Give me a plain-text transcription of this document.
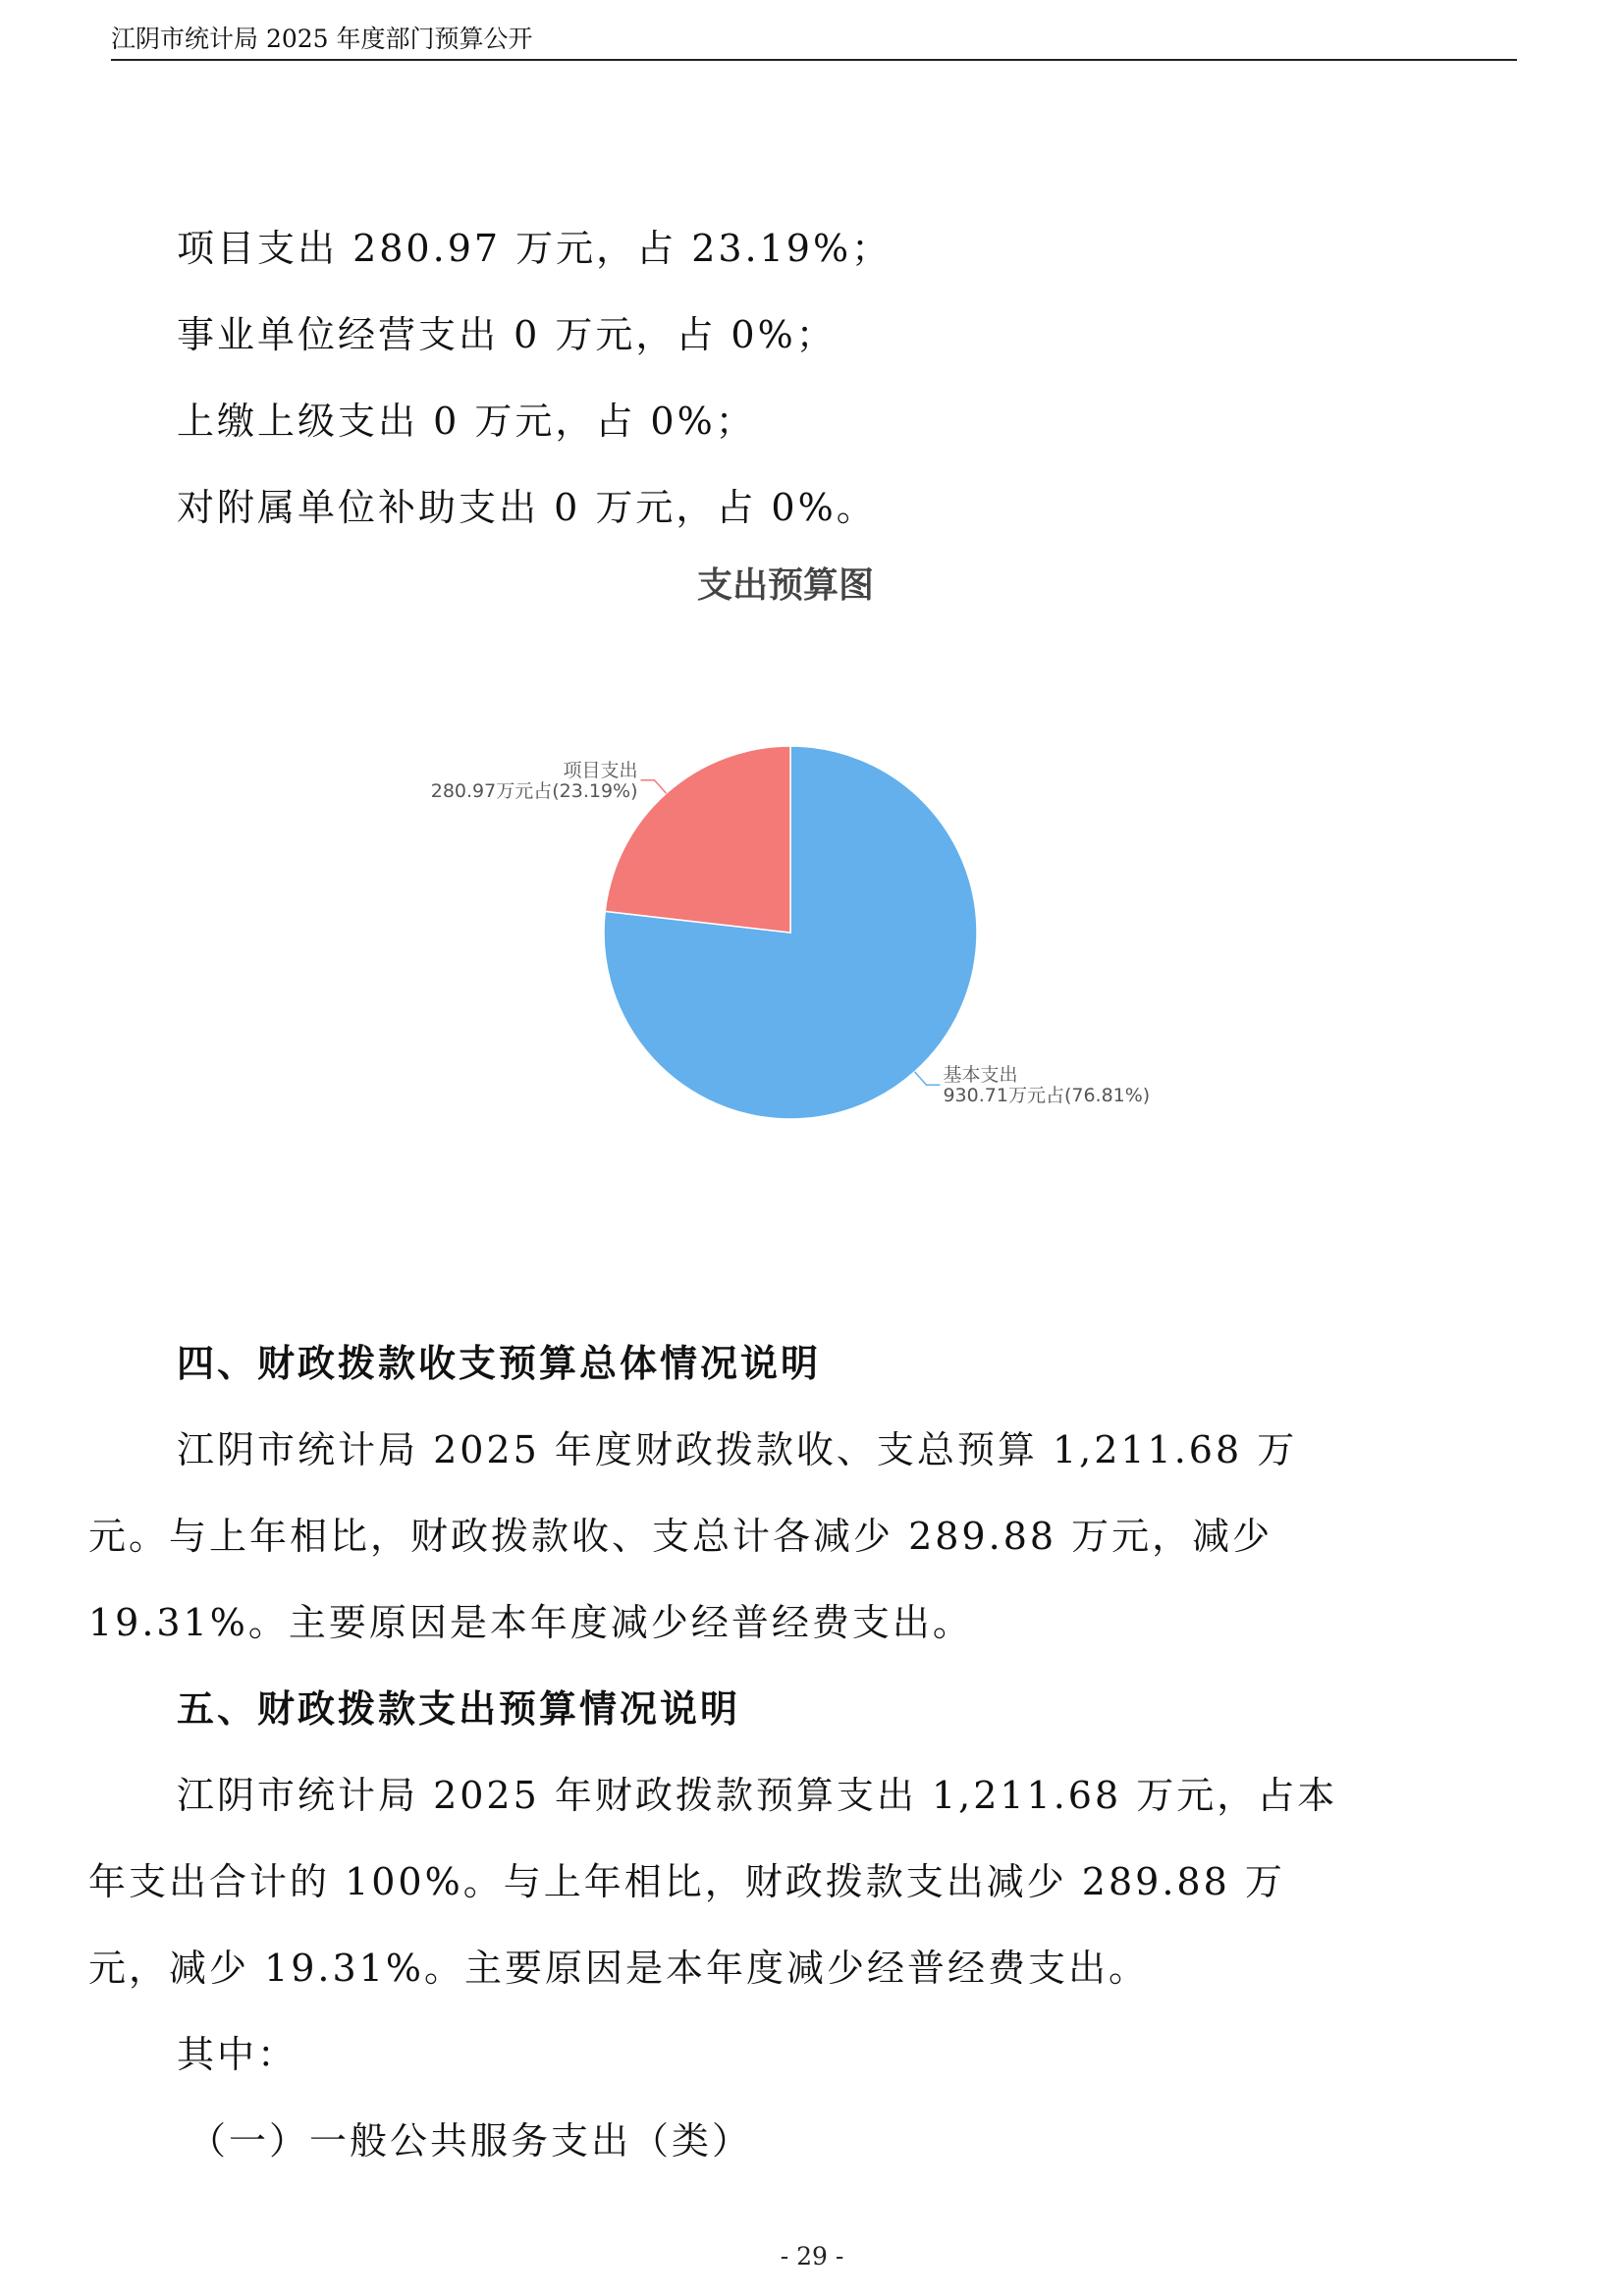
江阴市统计局 2025 年度部门预算公开
项目支出 280.97 万元，占 23.19%；
事业单位经营支出 0 万元，占 0%；
上缴上级支出 0 万元，占 0%；
对附属单位补助支出 0 万元，占 0%。
支出预算图
基本支出
930.71万元占(76.81%)
项目支出
280.97万元占(23.19%)
四、财政拨款收支预算总体情况说明
江阴市统计局 2025 年度财政拨款收、支总预算 1,211.68 万
元。与上年相比，财政拨款收、支总计各减少 289.88 万元，减少
19.31%。主要原因是本年度减少经普经费支出。
五、财政拨款支出预算情况说明
江阴市统计局 2025 年财政拨款预算支出 1,211.68 万元，占本
年支出合计的 100%。与上年相比，财政拨款支出减少 289.88 万
元，减少 19.31%。主要原因是本年度减少经普经费支出。
其中：
（一）一般公共服务支出（类）
- 29 -
